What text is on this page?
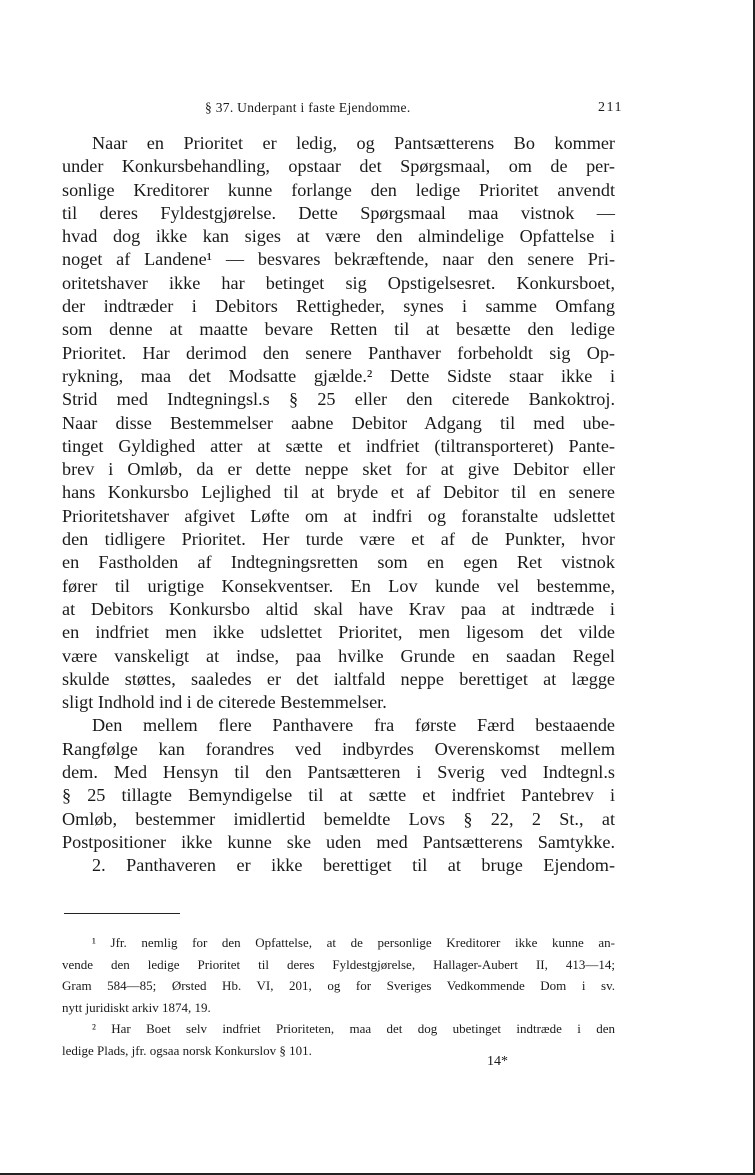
§ 37. Underpant i faste Ejendomme.	211
Naar en Prioritet er ledig, og Pantsætterens Bo kommer
under Konkursbehandling, opstaar det Spørgsmaal, om de per-
sonlige Kreditorer kunne forlange den ledige Prioritet anvendt
til deres Fyldestgjørelse. Dette Spørgsmaal maa vistnok —
hvad dog ikke kan siges at være den almindelige Opfattelse i
noget af Landene¹ — besvares bekræftende, naar den senere Pri-
oritetshaver ikke har betinget sig Opstigelsesret. Konkursboet,
der indtræder i Debitors Rettigheder, synes i samme Omfang
som denne at maatte bevare Retten til at besætte den ledige
Prioritet. Har derimod den senere Panthaver forbeholdt sig Op-
rykning, maa det Modsatte gjælde.² Dette Sidste staar ikke i
Strid med Indtegningsl.s § 25 eller den citerede Bankoktroj.
Naar disse Bestemmelser aabne Debitor Adgang til med ube-
tinget Gyldighed atter at sætte et indfriet (tiltransporteret) Pante-
brev i Omløb, da er dette neppe sket for at give Debitor eller
hans Konkursbo Lejlighed til at bryde et af Debitor til en senere
Prioritetshaver afgivet Løfte om at indfri og foranstalte udslettet
den tidligere Prioritet. Her turde være et af de Punkter, hvor
en Fastholden af Indtegningsretten som en egen Ret vistnok
fører til urigtige Konsekventser. En Lov kunde vel bestemme,
at Debitors Konkursbo altid skal have Krav paa at indtræde i
en indfriet men ikke udslettet Prioritet, men ligesom det vilde
være vanskeligt at indse, paa hvilke Grunde en saadan Regel
skulde støttes, saaledes er det ialtfald neppe berettiget at lægge
sligt Indhold ind i de citerede Bestemmelser.
Den mellem flere Panthavere fra første Færd bestaaende
Rangfølge kan forandres ved indbyrdes Overenskomst mellem
dem. Med Hensyn til den Pantsætteren i Sverig ved Indtegnl.s
§ 25 tillagte Bemyndigelse til at sætte et indfriet Pantebrev i
Omløb, bestemmer imidlertid bemeldte Lovs § 22, 2 St., at
Postpositioner ikke kunne ske uden med Pantsætterens Samtykke.
2. Panthaveren er ikke berettiget til at bruge Ejendom-
¹ Jfr. nemlig for den Opfattelse, at de personlige Kreditorer ikke kunne an-
vende den ledige Prioritet til deres Fyldestgjørelse, Hallager-Aubert II, 413—14;
Gram 584—85; Ørsted Hb. VI, 201, og for Sveriges Vedkommende Dom i sv.
nytt juridiskt arkiv 1874, 19.
² Har Boet selv indfriet Prioriteten, maa det dog ubetinget indtræde i den
ledige Plads, jfr. ogsaa norsk Konkurslov § 101.
14*
